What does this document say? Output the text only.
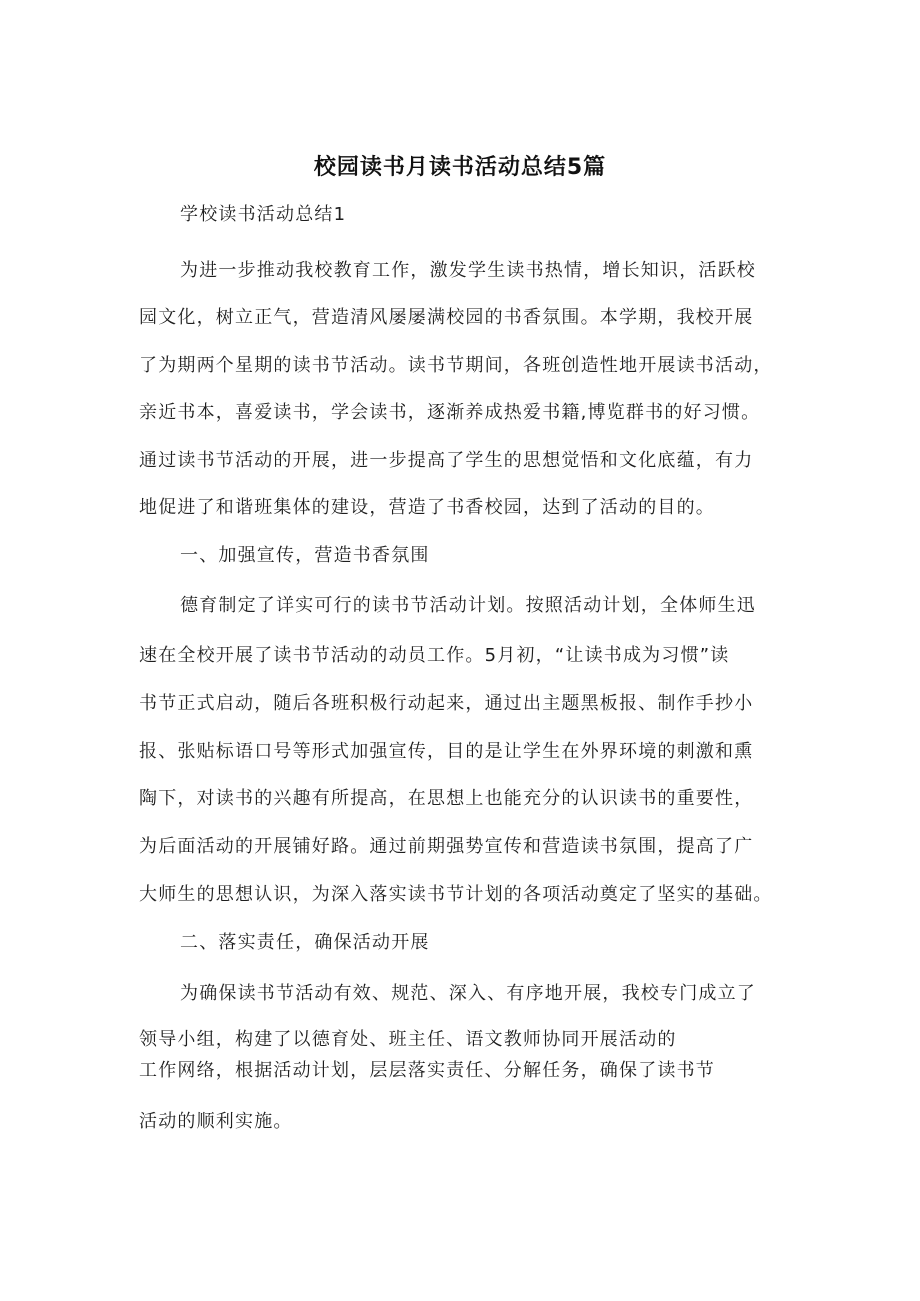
校园读书月读书活动总结5篇
学校读书活动总结1
为进一步推动我校教育工作，激发学生读书热情，增长知识，活跃校
园文化，树立正气，营造清风屡屡满校园的书香氛围。本学期，我校开展
了为期两个星期的读书节活动。读书节期间，各班创造性地开展读书活动，
亲近书本，喜爱读书，学会读书，逐渐养成热爱书籍,博览群书的好习惯。
通过读书节活动的开展，进一步提高了学生的思想觉悟和文化底蕴，有力
地促进了和谐班集体的建设，营造了书香校园，达到了活动的目的。
一、加强宣传，营造书香氛围
德育制定了详实可行的读书节活动计划。按照活动计划，全体师生迅
速在全校开展了读书节活动的动员工作。5月初，“让读书成为习惯”读
书节正式启动，随后各班积极行动起来，通过出主题黑板报、制作手抄小
报、张贴标语口号等形式加强宣传，目的是让学生在外界环境的刺激和熏
陶下，对读书的兴趣有所提高，在思想上也能充分的认识读书的重要性，
为后面活动的开展铺好路。通过前期强势宣传和营造读书氛围，提高了广
大师生的思想认识，为深入落实读书节计划的各项活动奠定了坚实的基础。
二、落实责任，确保活动开展
为确保读书节活动有效、规范、深入、有序地开展，我校专门成立了
领导小组，构建了以德育处、班主任、语文教师协同开展活动的
工作网络，根据活动计划，层层落实责任、分解任务，确保了读书节
活动的顺利实施。
